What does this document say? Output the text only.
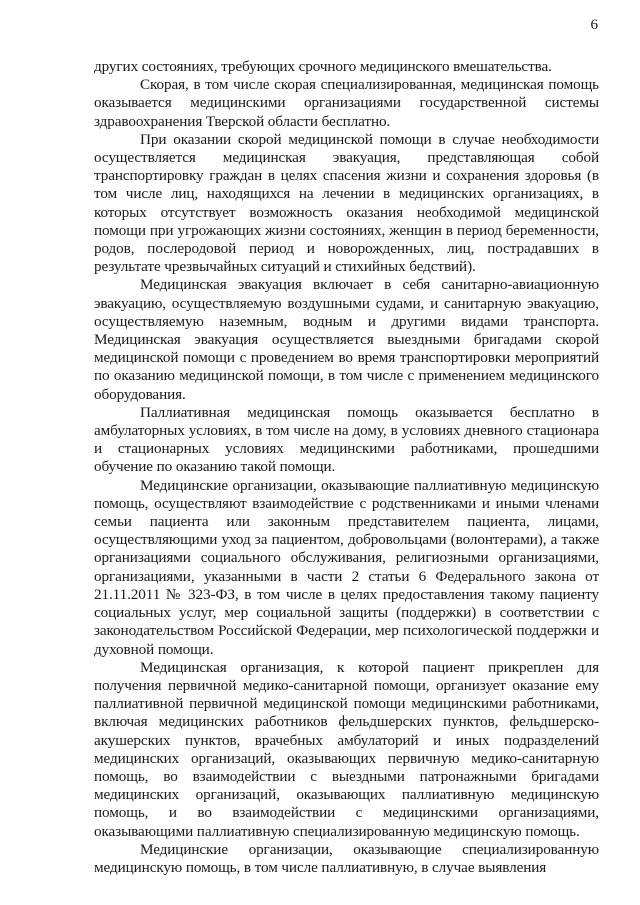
6

других состояниях, требующих срочного медицинского вмешательства.

Скорая, в том числе скорая специализированная, медицинская помощь оказывается медицинскими организациями государственной системы здравоохранения Тверской области бесплатно.

При оказании скорой медицинской помощи в случае необходимости осуществляется медицинская эвакуация, представляющая собой транспортировку граждан в целях спасения жизни и сохранения здоровья (в том числе лиц, находящихся на лечении в медицинских организациях, в которых отсутствует возможность оказания необходимой медицинской помощи при угрожающих жизни состояниях, женщин в период беременности, родов, послеродовой период и новорожденных, лиц, пострадавших в результате чрезвычайных ситуаций и стихийных бедствий).

Медицинская эвакуация включает в себя санитарно-авиационную эвакуацию, осуществляемую воздушными судами, и санитарную эвакуацию, осуществляемую наземным, водным и другими видами транспорта. Медицинская эвакуация осуществляется выездными бригадами скорой медицинской помощи с проведением во время транспортировки мероприятий по оказанию медицинской помощи, в том числе с применением медицинского оборудования.

Паллиативная медицинская помощь оказывается бесплатно в амбулаторных условиях, в том числе на дому, в условиях дневного стационара и стационарных условиях медицинскими работниками, прошедшими обучение по оказанию такой помощи.

Медицинские организации, оказывающие паллиативную медицинскую помощь, осуществляют взаимодействие с родственниками и иными членами семьи пациента или законным представителем пациента, лицами, осуществляющими уход за пациентом, добровольцами (волонтерами), а также организациями социального обслуживания, религиозными организациями, организациями, указанными в части 2 статьи 6 Федерального закона от 21.11.2011 № 323-ФЗ, в том числе в целях предоставления такому пациенту социальных услуг, мер социальной защиты (поддержки) в соответствии с законодательством Российской Федерации, мер психологической поддержки и духовной помощи.

Медицинская организация, к которой пациент прикреплен для получения первичной медико-санитарной помощи, организует оказание ему паллиативной первичной медицинской помощи медицинскими работниками, включая медицинских работников фельдшерских пунктов, фельдшерско-акушерских пунктов, врачебных амбулаторий и иных подразделений медицинских организаций, оказывающих первичную медико-санитарную помощь, во взаимодействии с выездными патронажными бригадами медицинских организаций, оказывающих паллиативную медицинскую помощь, и во взаимодействии с медицинскими организациями, оказывающими паллиативную специализированную медицинскую помощь.

Медицинские организации, оказывающие специализированную медицинскую помощь, в том числе паллиативную, в случае выявления
